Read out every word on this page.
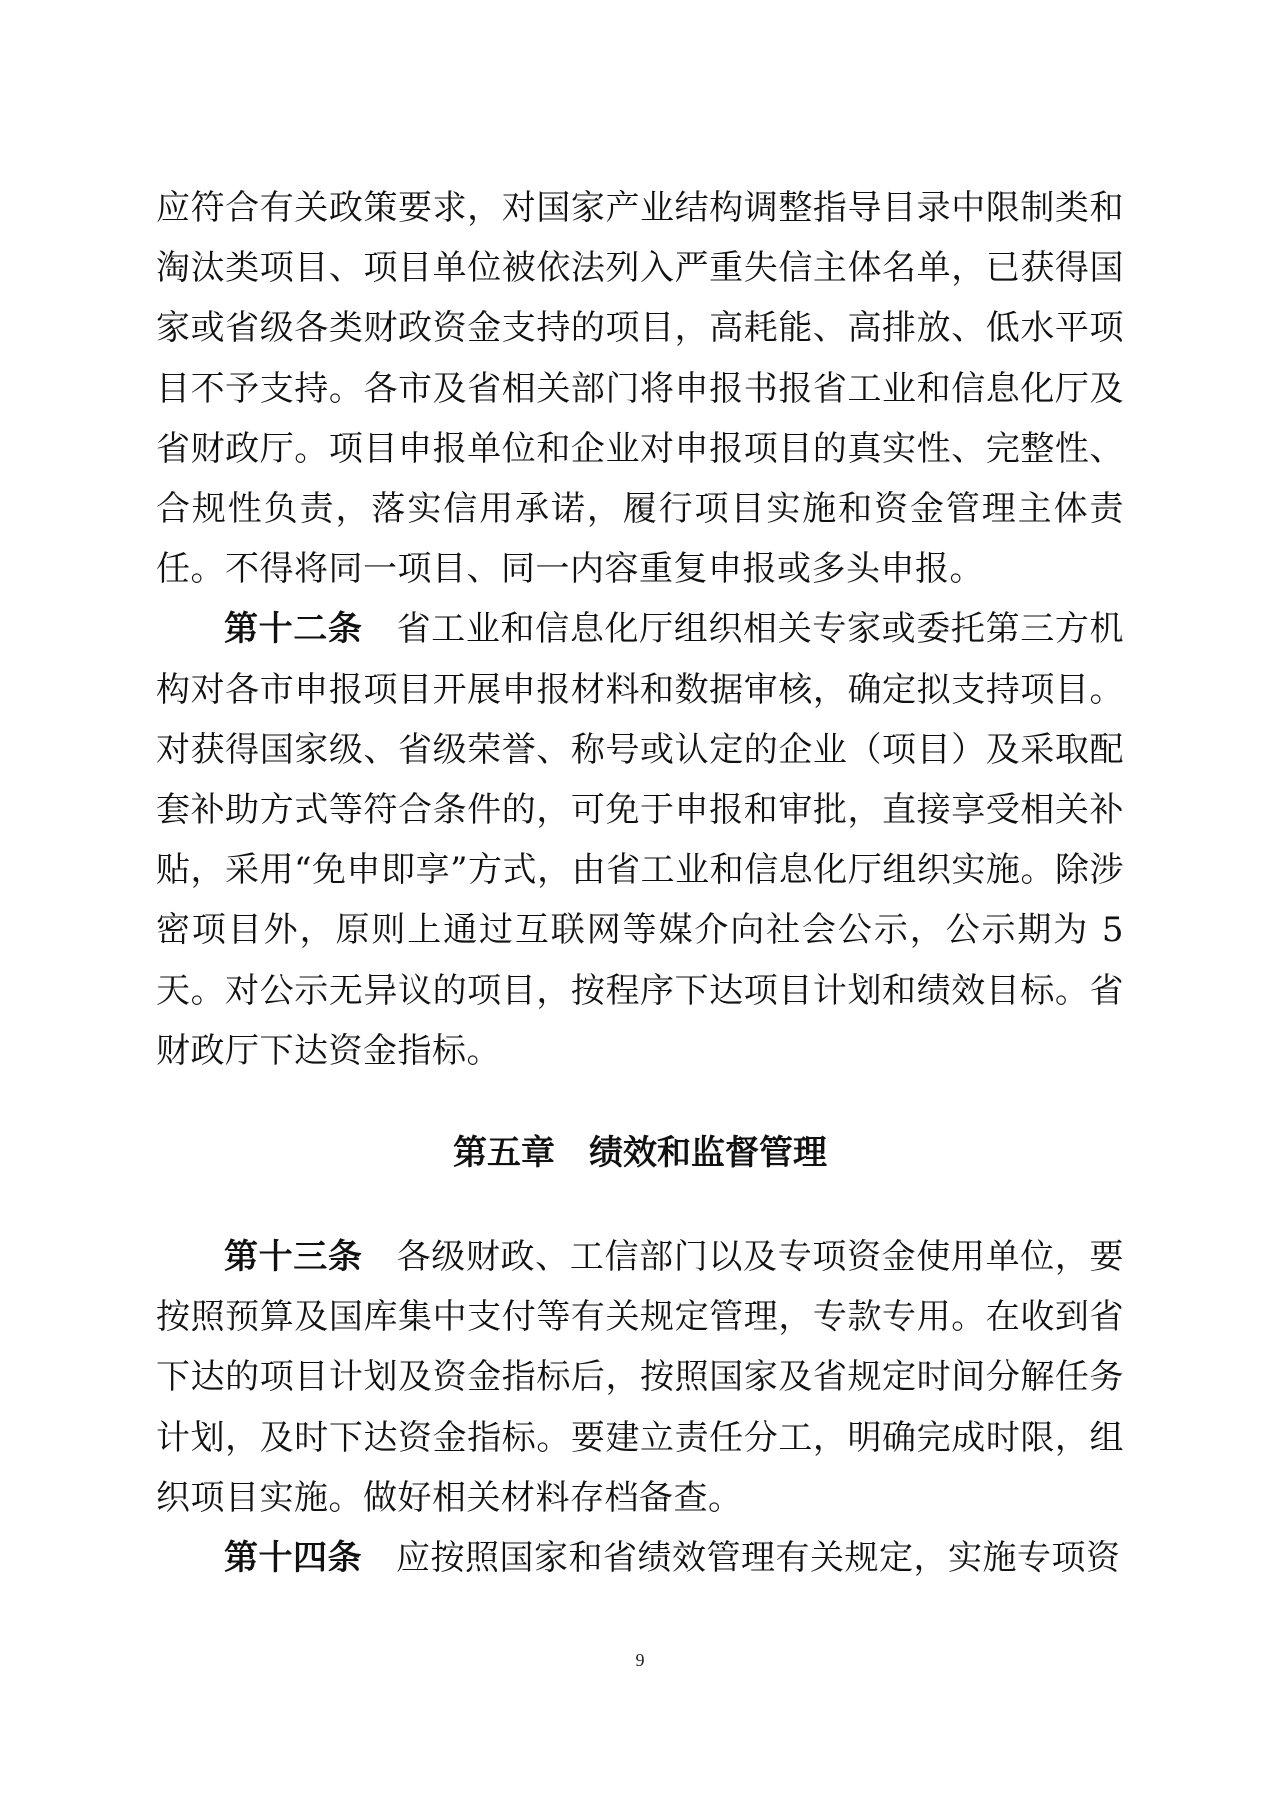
应符合有关政策要求，对国家产业结构调整指导目录中限制类和淘汰类项目、项目单位被依法列入严重失信主体名单，已获得国家或省级各类财政资金支持的项目，高耗能、高排放、低水平项目不予支持。各市及省相关部门将申报书报省工业和信息化厅及省财政厅。项目申报单位和企业对申报项目的真实性、完整性、合规性负责，落实信用承诺，履行项目实施和资金管理主体责任。不得将同一项目、同一内容重复申报或多头申报。

第十二条 省工业和信息化厅组织相关专家或委托第三方机构对各市申报项目开展申报材料和数据审核，确定拟支持项目。对获得国家级、省级荣誉、称号或认定的企业（项目）及采取配套补助方式等符合条件的，可免于申报和审批，直接享受相关补贴，采用“免申即享”方式，由省工业和信息化厅组织实施。除涉密项目外，原则上通过互联网等媒介向社会公示，公示期为 5 天。对公示无异议的项目，按程序下达项目计划和绩效目标。省财政厅下达资金指标。

第五章 绩效和监督管理

第十三条 各级财政、工信部门以及专项资金使用单位，要按照预算及国库集中支付等有关规定管理，专款专用。在收到省下达的项目计划及资金指标后，按照国家及省规定时间分解任务计划，及时下达资金指标。要建立责任分工，明确完成时限，组织项目实施。做好相关材料存档备查。

第十四条 应按照国家和省绩效管理有关规定，实施专项资

9
